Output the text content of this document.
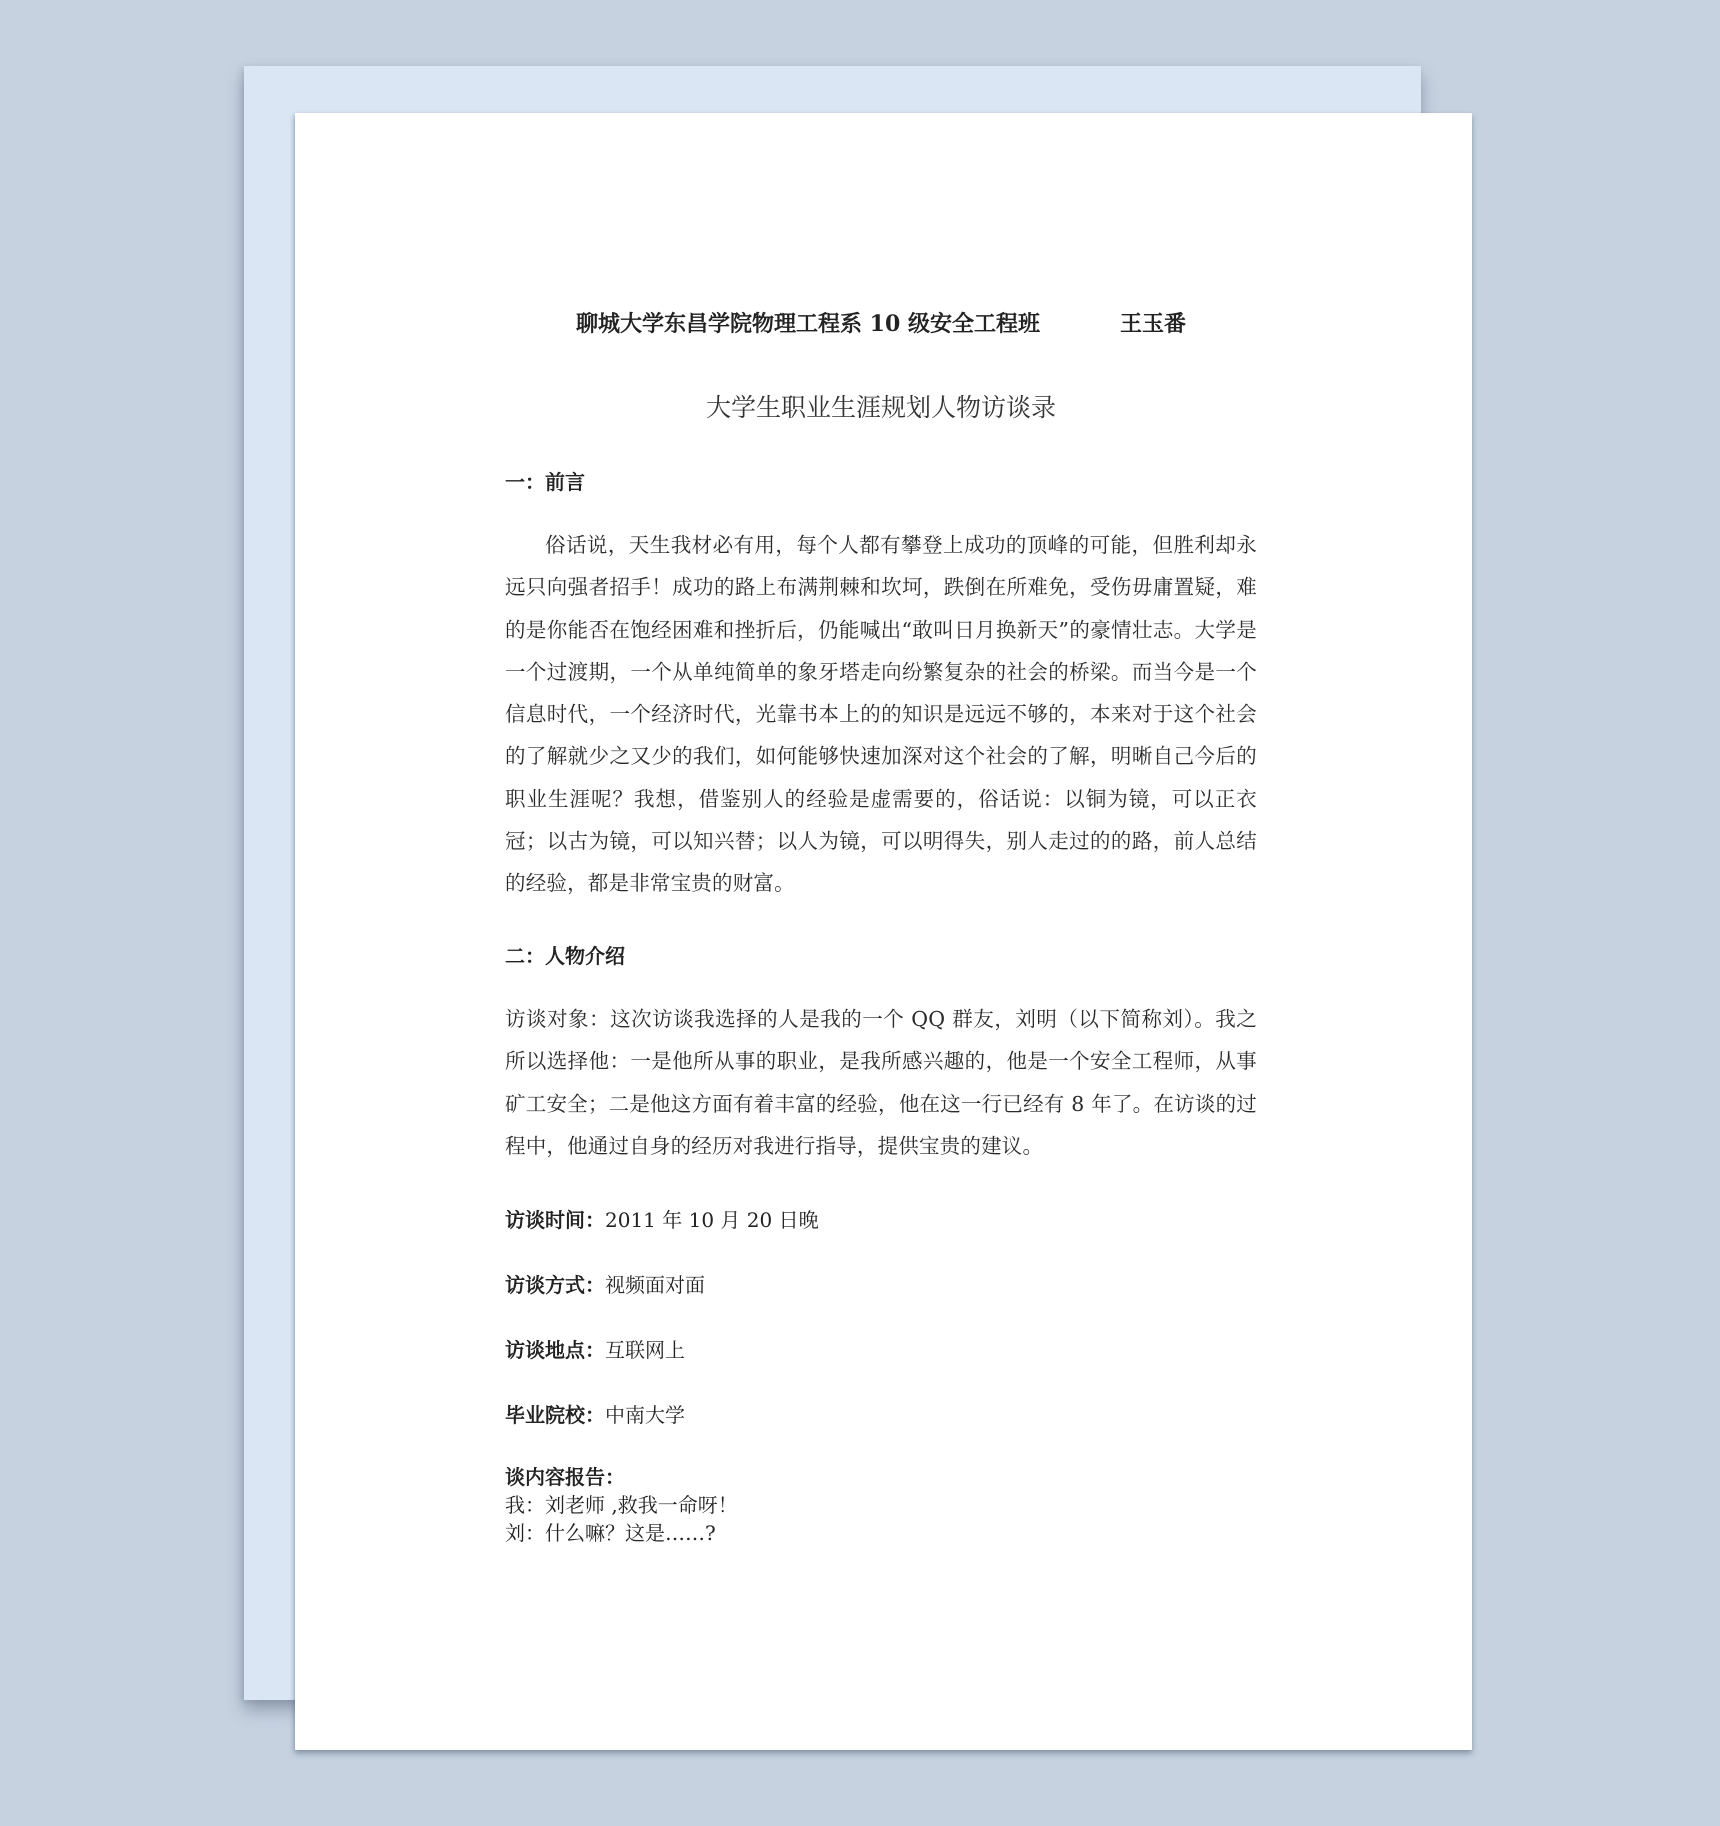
聊城大学东昌学院物理工程系 10 级安全工程班	王玉番
大学生职业生涯规划人物访谈录
一：前言
俗话说，天生我材必有用，每个人都有攀登上成功的顶峰的可能，但胜利却永远只向强者招手！成功的路上布满荆棘和坎坷，跌倒在所难免，受伤毋庸置疑，难的是你能否在饱经困难和挫折后，仍能喊出“敢叫日月换新天”的豪情壮志。大学是一个过渡期，一个从单纯简单的象牙塔走向纷繁复杂的社会的桥梁。而当今是一个信息时代，一个经济时代，光靠书本上的的知识是远远不够的，本来对于这个社会的了解就少之又少的我们，如何能够快速加深对这个社会的了解，明晰自己今后的职业生涯呢？我想，借鉴别人的经验是虚需要的，俗话说：以铜为镜，可以正衣冠；以古为镜，可以知兴替；以人为镜，可以明得失，别人走过的的路，前人总结的经验，都是非常宝贵的财富。
二：人物介绍
访谈对象：这次访谈我选择的人是我的一个 QQ 群友，刘明（以下简称刘）。我之所以选择他：一是他所从事的职业，是我所感兴趣的，他是一个安全工程师，从事矿工安全；二是他这方面有着丰富的经验，他在这一行已经有 8 年了。在访谈的过程中，他通过自身的经历对我进行指导，提供宝贵的建议。
访谈时间：2011 年 10 月 20 日晚
访谈方式：视频面对面
访谈地点：互联网上
毕业院校：中南大学
谈内容报告：
我：刘老师 ,救我一命呀！
刘：什么嘛？这是……?
